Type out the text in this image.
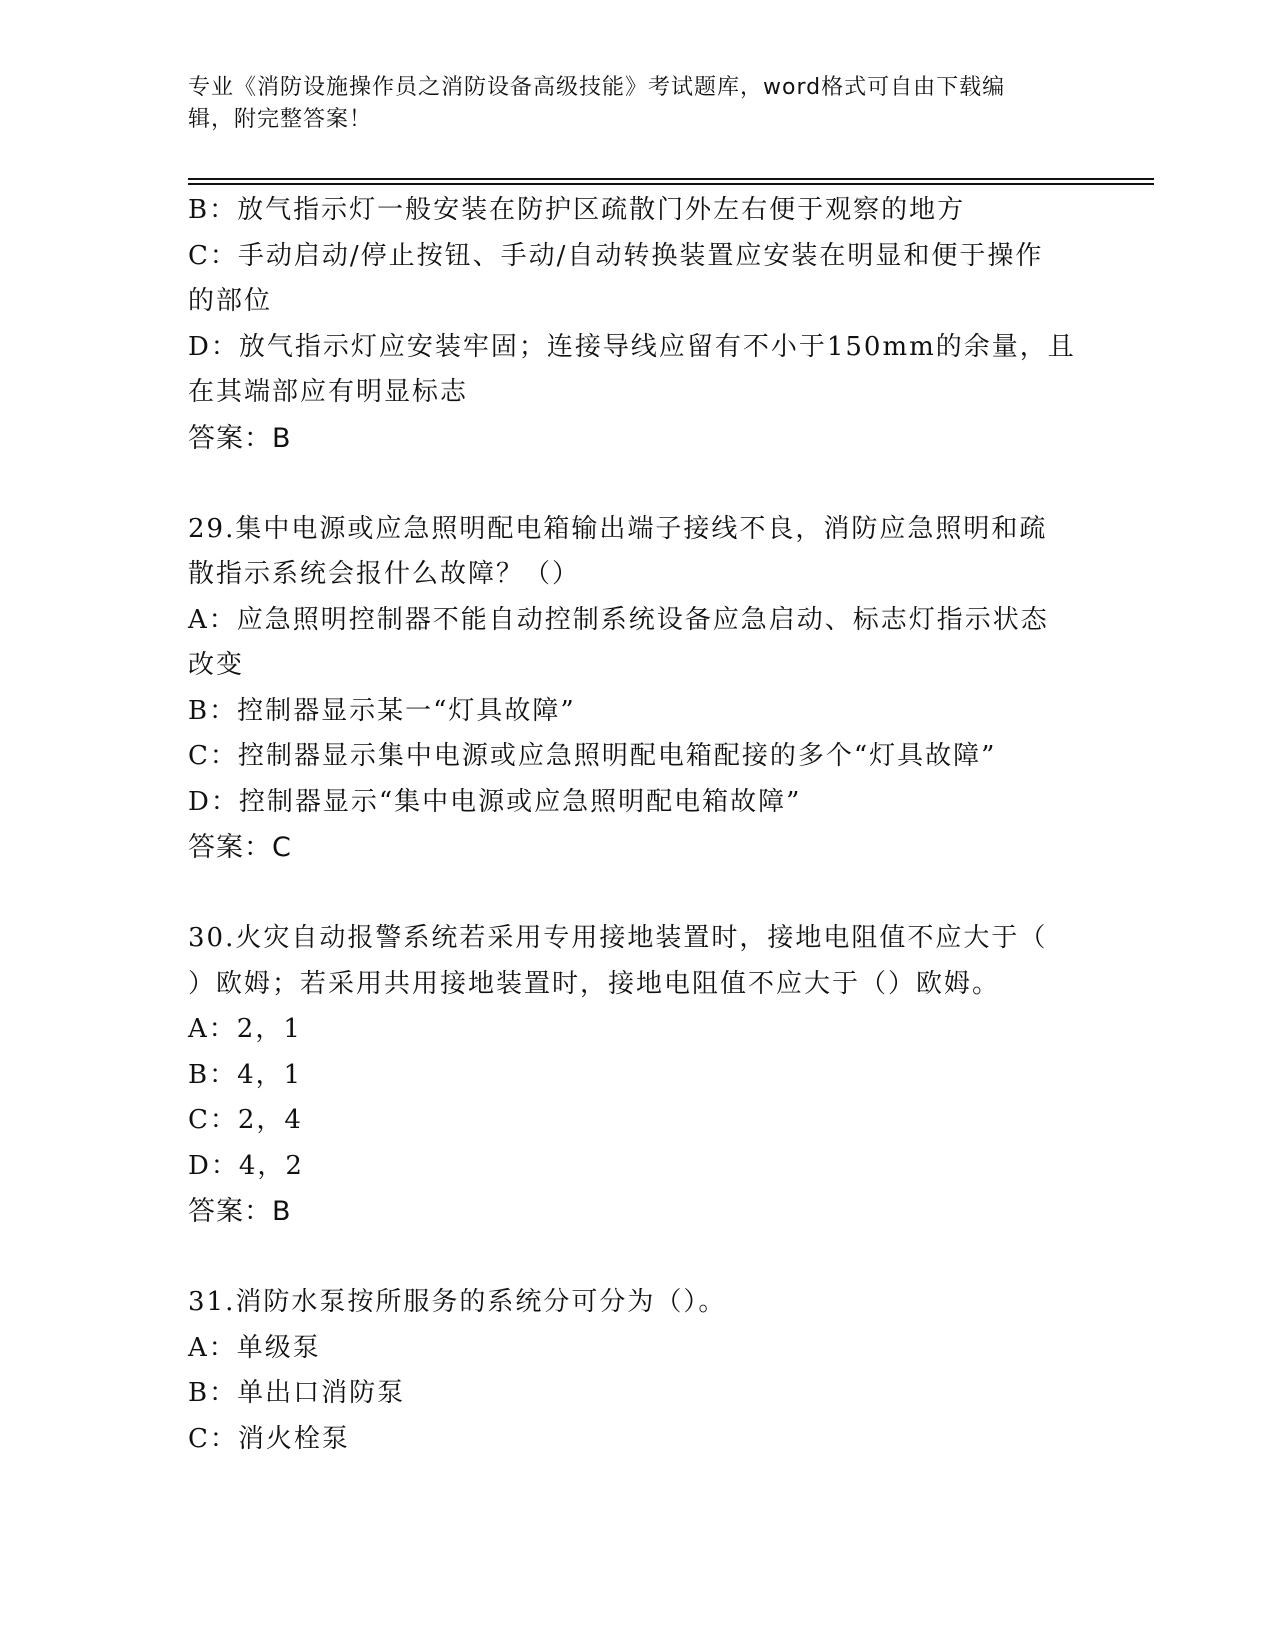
专业《消防设施操作员之消防设备高级技能》考试题库，word格式可自由下载编
辑，附完整答案！
B：放气指示灯一般安装在防护区疏散门外左右便于观察的地方
C：手动启动/停止按钮、手动/自动转换装置应安装在明显和便于操作
的部位
D：放气指示灯应安装牢固；连接导线应留有不小于150mm的余量，且
在其端部应有明显标志
答案：B
29.集中电源或应急照明配电箱输出端子接线不良，消防应急照明和疏
散指示系统会报什么故障？（）
A：应急照明控制器不能自动控制系统设备应急启动、标志灯指示状态
改变
B：控制器显示某一“灯具故障”
C：控制器显示集中电源或应急照明配电箱配接的多个“灯具故障”
D：控制器显示“集中电源或应急照明配电箱故障”
答案：C
30.火灾自动报警系统若采用专用接地装置时，接地电阻值不应大于（
）欧姆；若采用共用接地装置时，接地电阻值不应大于（）欧姆。
A：2，1
B：4，1
C：2，4
D：4，2
答案：B
31.消防水泵按所服务的系统分可分为（）。
A：单级泵
B：单出口消防泵
C：消火栓泵
